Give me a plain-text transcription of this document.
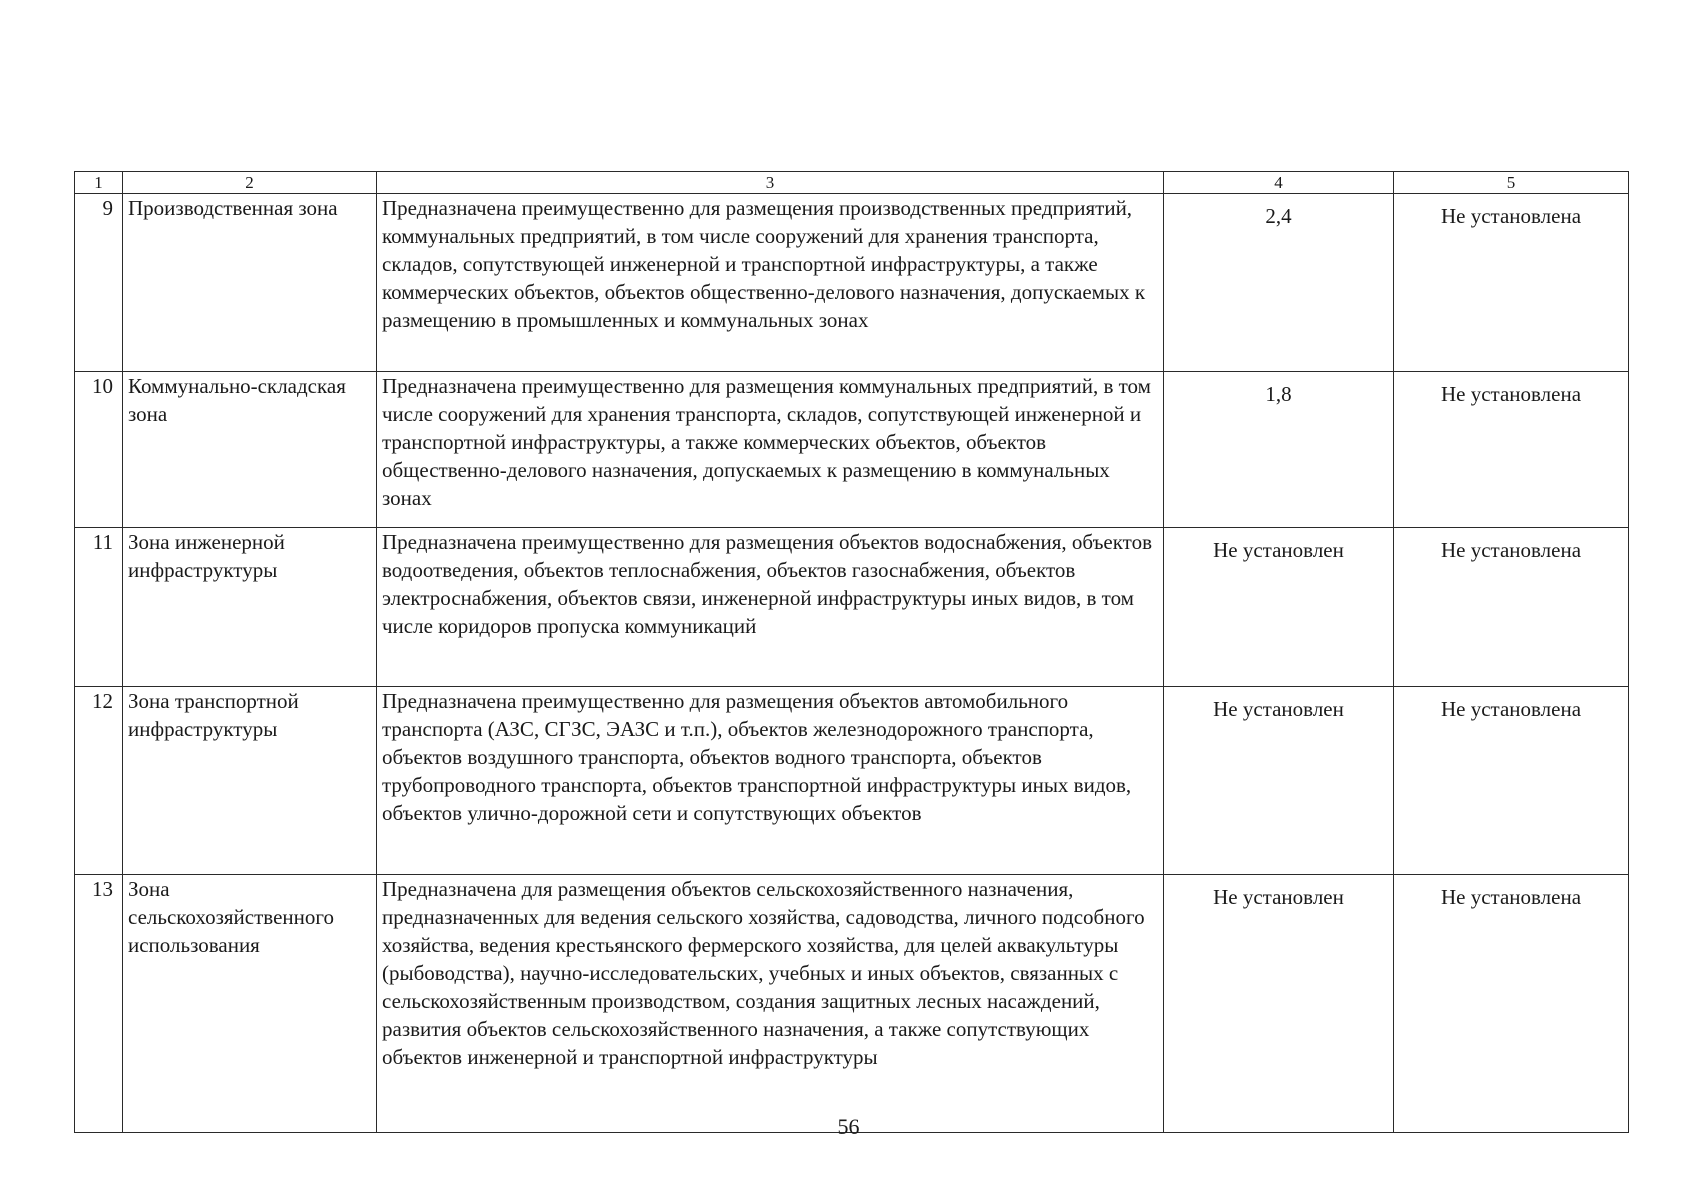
1	2	3	4	5
9	Производственная зона	Предназначена преимущественно для размещения производственных предприятий, коммунальных предприятий, в том числе сооружений для хранения транспорта, складов, сопутствующей инженерной и транспортной инфраструктуры, а также коммерческих объектов, объектов общественно-делового назначения, допускаемых к размещению в промышленных и коммунальных зонах	2,4	Не установлена
10	Коммунально-складская зона	Предназначена преимущественно для размещения коммунальных предприятий, в том числе сооружений для хранения транспорта, складов, сопутствующей инженерной и транспортной инфраструктуры, а также коммерческих объектов, объектов общественно-делового назначения, допускаемых к размещению в коммунальных зонах	1,8	Не установлена
11	Зона инженерной инфраструктуры	Предназначена преимущественно для размещения объектов водоснабжения, объектов водоотведения, объектов теплоснабжения, объектов газоснабжения, объектов электроснабжения, объектов связи, инженерной инфраструктуры иных видов, в том числе коридоров пропуска коммуникаций	Не установлен	Не установлена
12	Зона транспортной инфраструктуры	Предназначена преимущественно для размещения объектов автомобильного транспорта (АЗС, СГЗС, ЭАЗС и т.п.), объектов железнодорожного транспорта, объектов воздушного транспорта, объектов водного транспорта, объектов трубопроводного транспорта, объектов транспортной инфраструктуры иных видов, объектов улично-дорожной сети и сопутствующих объектов	Не установлен	Не установлена
13	Зона сельскохозяйственного использования	Предназначена для размещения объектов сельскохозяйственного назначения, предназначенных для ведения сельского хозяйства, садоводства, личного подсобного хозяйства, ведения крестьянского фермерского хозяйства, для целей аквакультуры (рыбоводства), научно-исследовательских, учебных и иных объектов, связанных с сельскохозяйственным производством, создания защитных лесных насаждений, развития объектов сельскохозяйственного назначения, а также сопутствующих объектов инженерной и транспортной инфраструктуры	Не установлен	Не установлена
56
